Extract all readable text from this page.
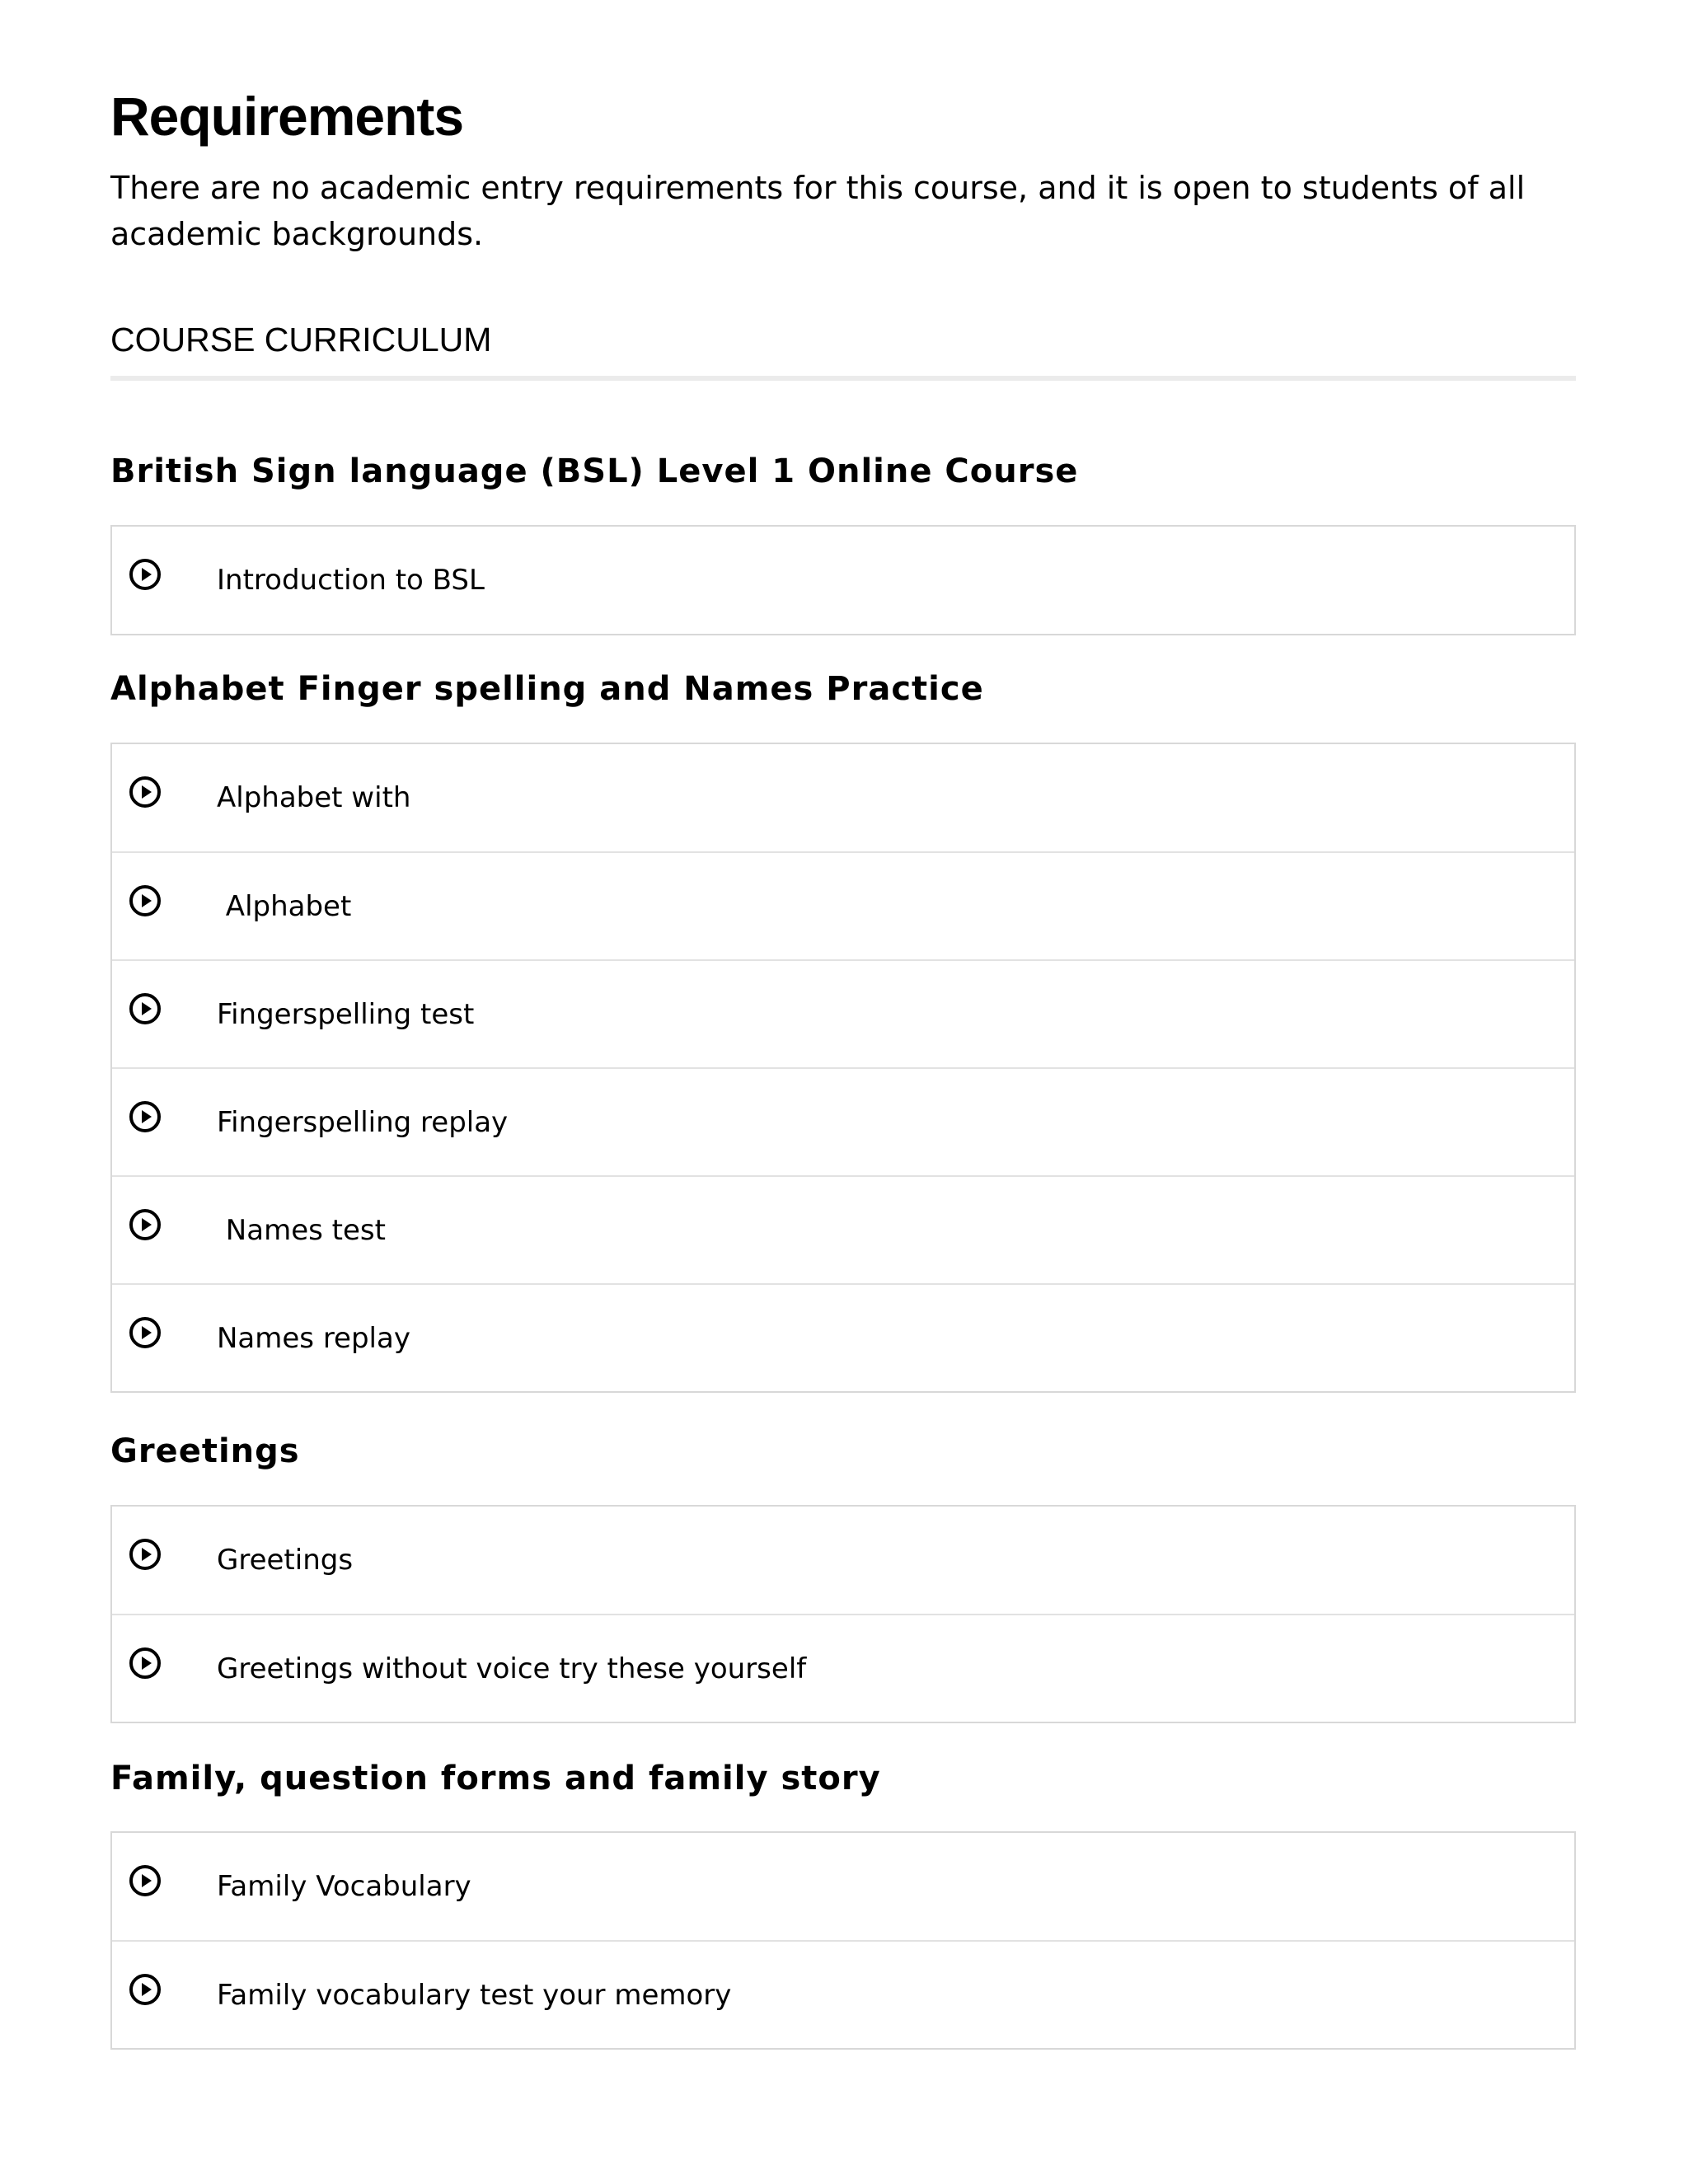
Requirements

There are no academic entry requirements for this course, and it is open to students of all academic backgrounds.

COURSE CURRICULUM
British Sign language (BSL) Level 1 Online Course
Introduction to BSL
Alphabet Finger spelling and Names Practice
Alphabet with
Alphabet
Fingerspelling test
Fingerspelling replay
Names test
Names replay
Greetings
Greetings
Greetings without voice try these yourself
Family, question forms and family story
Family Vocabulary
Family vocabulary test your memory
